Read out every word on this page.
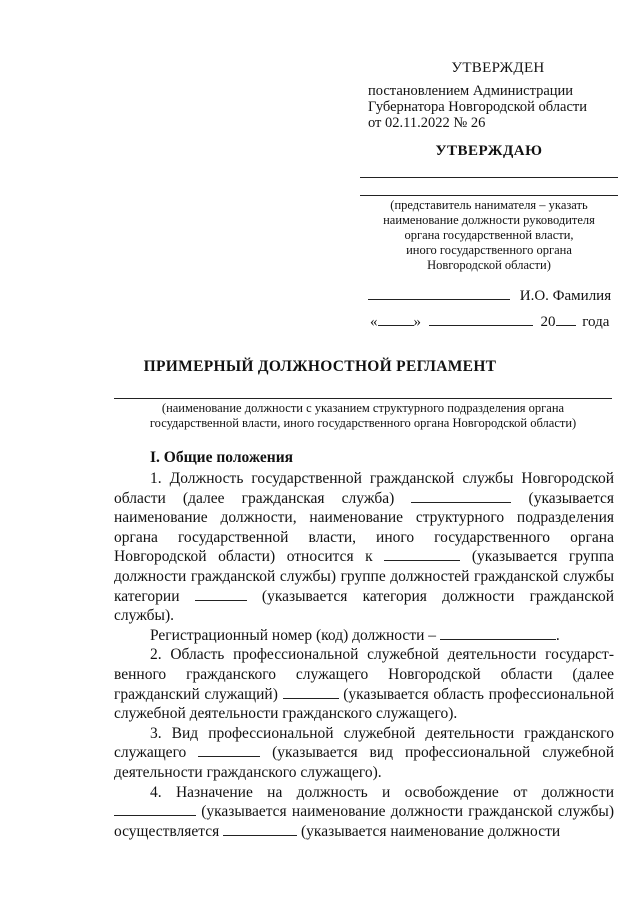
УТВЕРЖДЕН
постановлением Администрации
Губернатора Новгородской области
от 02.11.2022 № 26
УТВЕРЖДАЮ
(представитель нанимателя – указать
наименование должности руководителя
органа государственной власти,
иного государственного органа
Новгородской области)
И.О. Фамилия
« »	20 года
ПРИМЕРНЫЙ ДОЛЖНОСТНОЙ РЕГЛАМЕНТ
(наименование должности с указанием структурного подразделения органа
государственной власти, иного государственного органа Новгородской области)
I. Общие положения

1. Должность государственной гражданской службы Новгородской области (далее гражданская служба)	(указывается наименование должности, наименование структурного подразделения органа государственной власти, иного государственного органа Новгородской области) относится к	(указывается группа должности гражданской службы) группе должностей гражданской службы категории	(указывается категория должности гражданской службы).

Регистрационный номер (код) должности –	.

2. Область профессиональной служебной деятельности государст-венного гражданского служащего Новгородской области (далее гражданский служащий)	(указывается область профессиональной служебной деятельности гражданского служащего).

3. Вид профессиональной служебной деятельности гражданского служащего	(указывается вид профессиональной служебной деятельности гражданского служащего).

4. Назначение на должность и освобождение от должности  (указывается наименование должности гражданской службы) осуществляется	(указывается наименование должности
